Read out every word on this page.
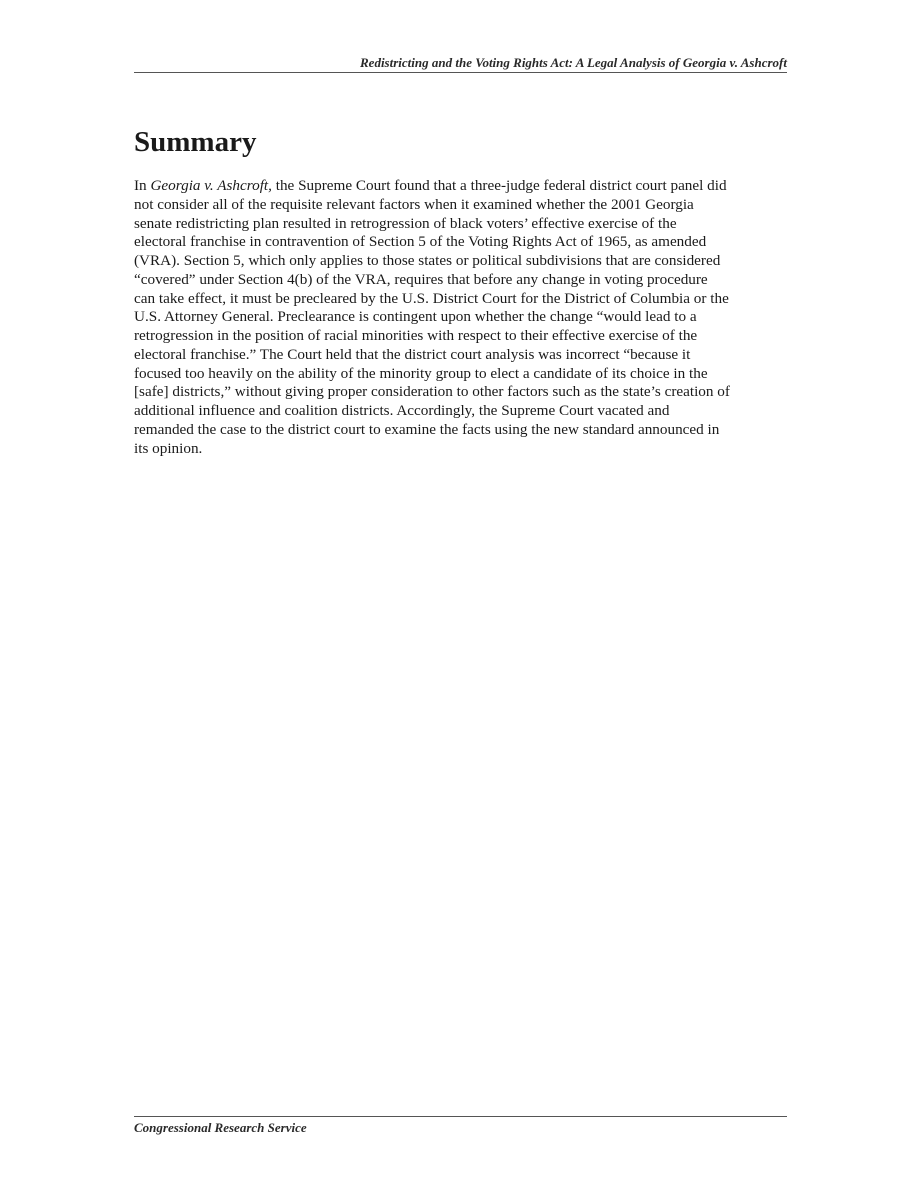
Redistricting and the Voting Rights Act: A Legal Analysis of Georgia v. Ashcroft
Summary

In Georgia v. Ashcroft, the Supreme Court found that a three-judge federal district court panel did
not consider all of the requisite relevant factors when it examined whether the 2001 Georgia
senate redistricting plan resulted in retrogression of black voters’ effective exercise of the
electoral franchise in contravention of Section 5 of the Voting Rights Act of 1965, as amended
(VRA). Section 5, which only applies to those states or political subdivisions that are considered
“covered” under Section 4(b) of the VRA, requires that before any change in voting procedure
can take effect, it must be precleared by the U.S. District Court for the District of Columbia or the
U.S. Attorney General. Preclearance is contingent upon whether the change “would lead to a
retrogression in the position of racial minorities with respect to their effective exercise of the
electoral franchise.” The Court held that the district court analysis was incorrect “because it
focused too heavily on the ability of the minority group to elect a candidate of its choice in the
[safe] districts,” without giving proper consideration to other factors such as the state’s creation of
additional influence and coalition districts. Accordingly, the Supreme Court vacated and
remanded the case to the district court to examine the facts using the new standard announced in
its opinion.

Congressional Research Service
